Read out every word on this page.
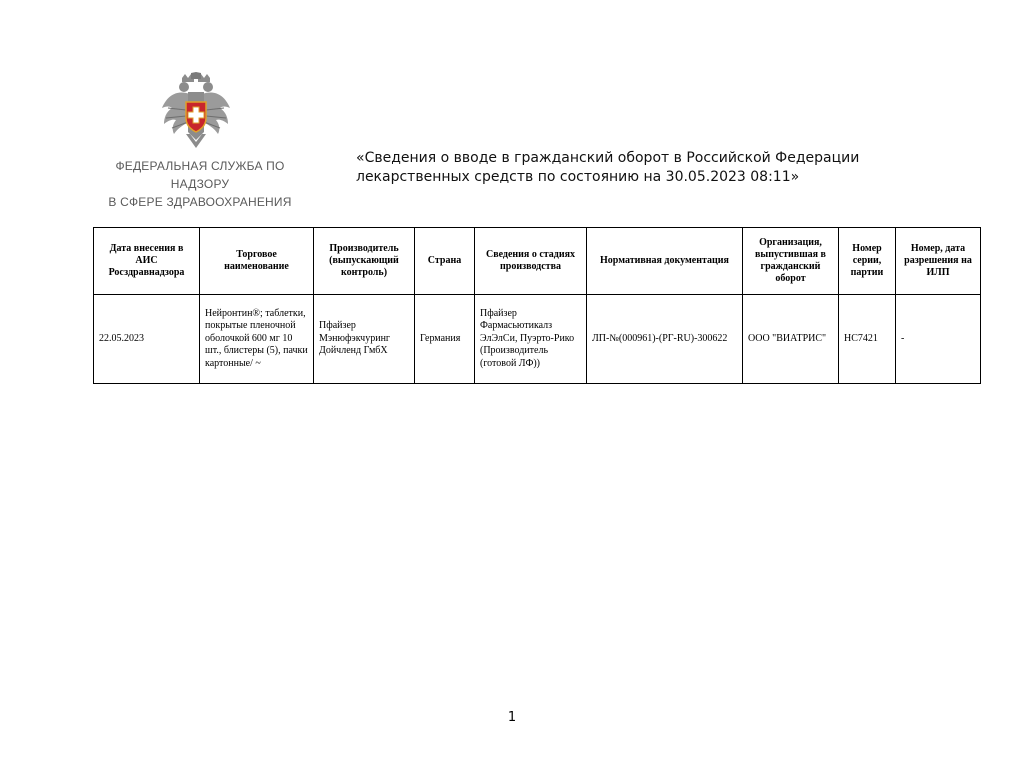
ФЕДЕРАЛЬНАЯ СЛУЖБА ПО НАДЗОРУ
В СФЕРЕ ЗДРАВООХРАНЕНИЯ
«Сведения о вводе в гражданский оборот в Российской Федерации
лекарственных средств по состоянию на 30.05.2023 08:11»
Дата внесения в АИС Росздравнадзора	Торговое наименование	Производитель (выпускающий контроль)	Страна	Сведения о стадиях производства	Нормативная документация	Организация, выпустившая в гражданский оборот	Номер серии, партии	Номер, дата разрешения на ИЛП
22.05.2023	Нейронтин®; таблетки, покрытые пленочной оболочкой 600 мг 10 шт., блистеры (5), пачки картонные/ ~	Пфайзер Мэнюфэкчуринг Дойчленд ГмбХ	Германия	Пфайзер Фармасьютикалз ЭлЭлСи, Пуэрто-Рико (Производитель (готовой ЛФ))	ЛП-№(000961)-(РГ-RU)-300622	ООО "ВИАТРИС"	НС7421	-
1
